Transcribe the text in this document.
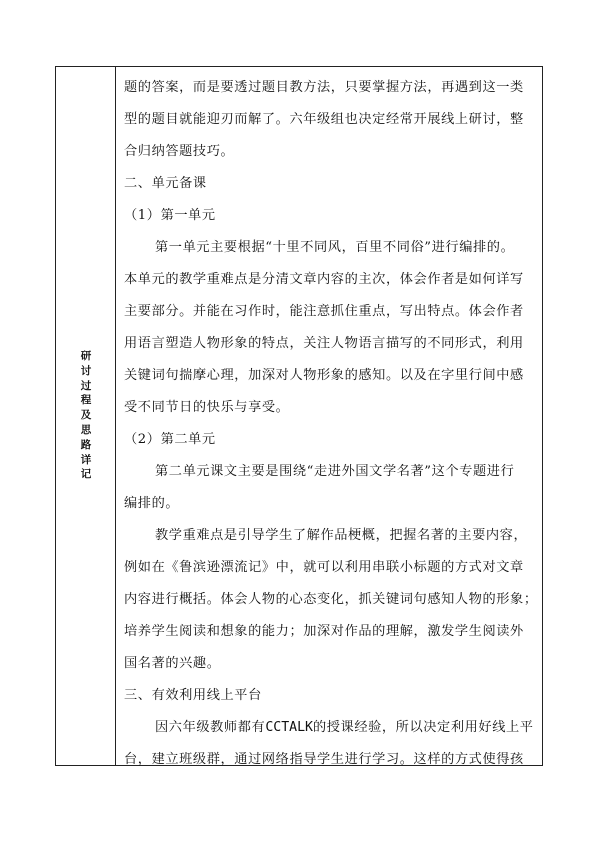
研
讨
过
程
及
思
路
详
记
题的答案，而是要透过题目教方法，只要掌握方法，再遇到这一类
型的题目就能迎刃而解了。六年级组也决定经常开展线上研讨，整
合归纳答题技巧。
二、单元备课
（1）第一单元
第一单元主要根据“十里不同风，百里不同俗”进行编排的。
本单元的教学重难点是分清文章内容的主次，体会作者是如何详写
主要部分。并能在习作时，能注意抓住重点，写出特点。体会作者
用语言塑造人物形象的特点，关注人物语言描写的不同形式，利用
关键词句揣摩心理，加深对人物形象的感知。以及在字里行间中感
受不同节日的快乐与享受。
（2）第二单元
第二单元课文主要是围绕“走进外国文学名著”这个专题进行
编排的。
教学重难点是引导学生了解作品梗概，把握名著的主要内容，
例如在《鲁滨逊漂流记》中，就可以利用串联小标题的方式对文章
内容进行概括。体会人物的心态变化，抓关键词句感知人物的形象；
培养学生阅读和想象的能力；加深对作品的理解，激发学生阅读外
国名著的兴趣。
三、有效利用线上平台
因六年级教师都有CCTALK的授课经验，所以决定利用好线上平
台，建立班级群，通过网络指导学生进行学习。这样的方式使得孩
